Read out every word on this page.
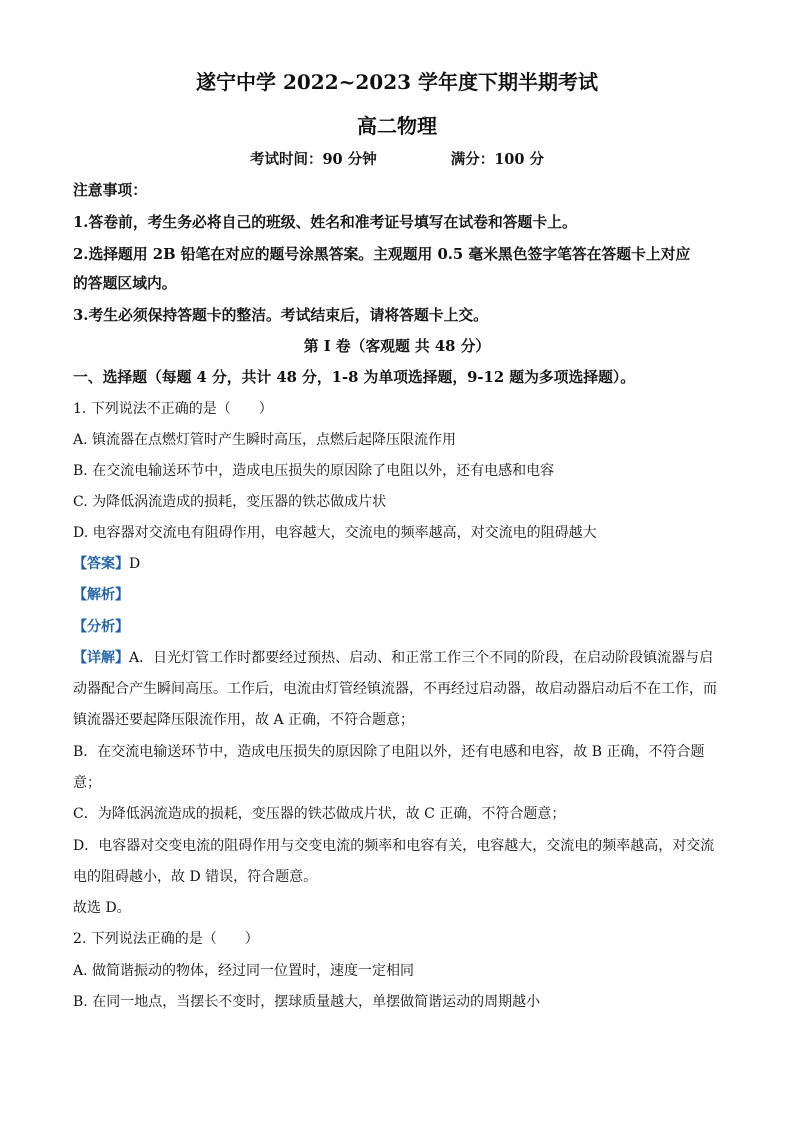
遂宁中学 2022~2023 学年度下期半期考试
高二物理
考试时间：90 分钟	满分：100 分
注意事项：
1.答卷前，考生务必将自己的班级、姓名和准考证号填写在试卷和答题卡上。
2.选择题用 2B 铅笔在对应的题号涂黑答案。主观题用 0.5 毫米黑色签字笔答在答题卡上对应
的答题区域内。
3.考生必须保持答题卡的整洁。考试结束后，请将答题卡上交。
第 Ⅰ 卷（客观题 共 48 分）
一、选择题（每题 4 分，共计 48 分，1-8 为单项选择题，9-12 题为多项选择题）。
1. 下列说法不正确的是（　　）
A. 镇流器在点燃灯管时产生瞬时高压，点燃后起降压限流作用
B. 在交流电输送环节中，造成电压损失的原因除了电阻以外，还有电感和电容
C. 为降低涡流造成的损耗，变压器的铁芯做成片状
D. 电容器对交流电有阻碍作用，电容越大，交流电的频率越高，对交流电的阻碍越大
【答案】D
【解析】
【分析】
【详解】A．日光灯管工作时都要经过预热、启动、和正常工作三个不同的阶段，在启动阶段镇流器与启
动器配合产生瞬间高压。工作后，电流由灯管经镇流器，不再经过启动器，故启动器启动后不在工作，而
镇流器还要起降压限流作用，故 A 正确，不符合题意；
B．在交流电输送环节中，造成电压损失的原因除了电阻以外，还有电感和电容，故 B 正确，不符合题
意；
C．为降低涡流造成的损耗，变压器的铁芯做成片状，故 C 正确，不符合题意；
D．电容器对交变电流的阻碍作用与交变电流的频率和电容有关，电容越大，交流电的频率越高，对交流
电的阻碍越小，故 D 错误，符合题意。
故选 D。
2. 下列说法正确的是（　　）
A. 做简谐振动的物体，经过同一位置时，速度一定相同
B. 在同一地点，当摆长不变时，摆球质量越大，单摆做简谐运动的周期越小
